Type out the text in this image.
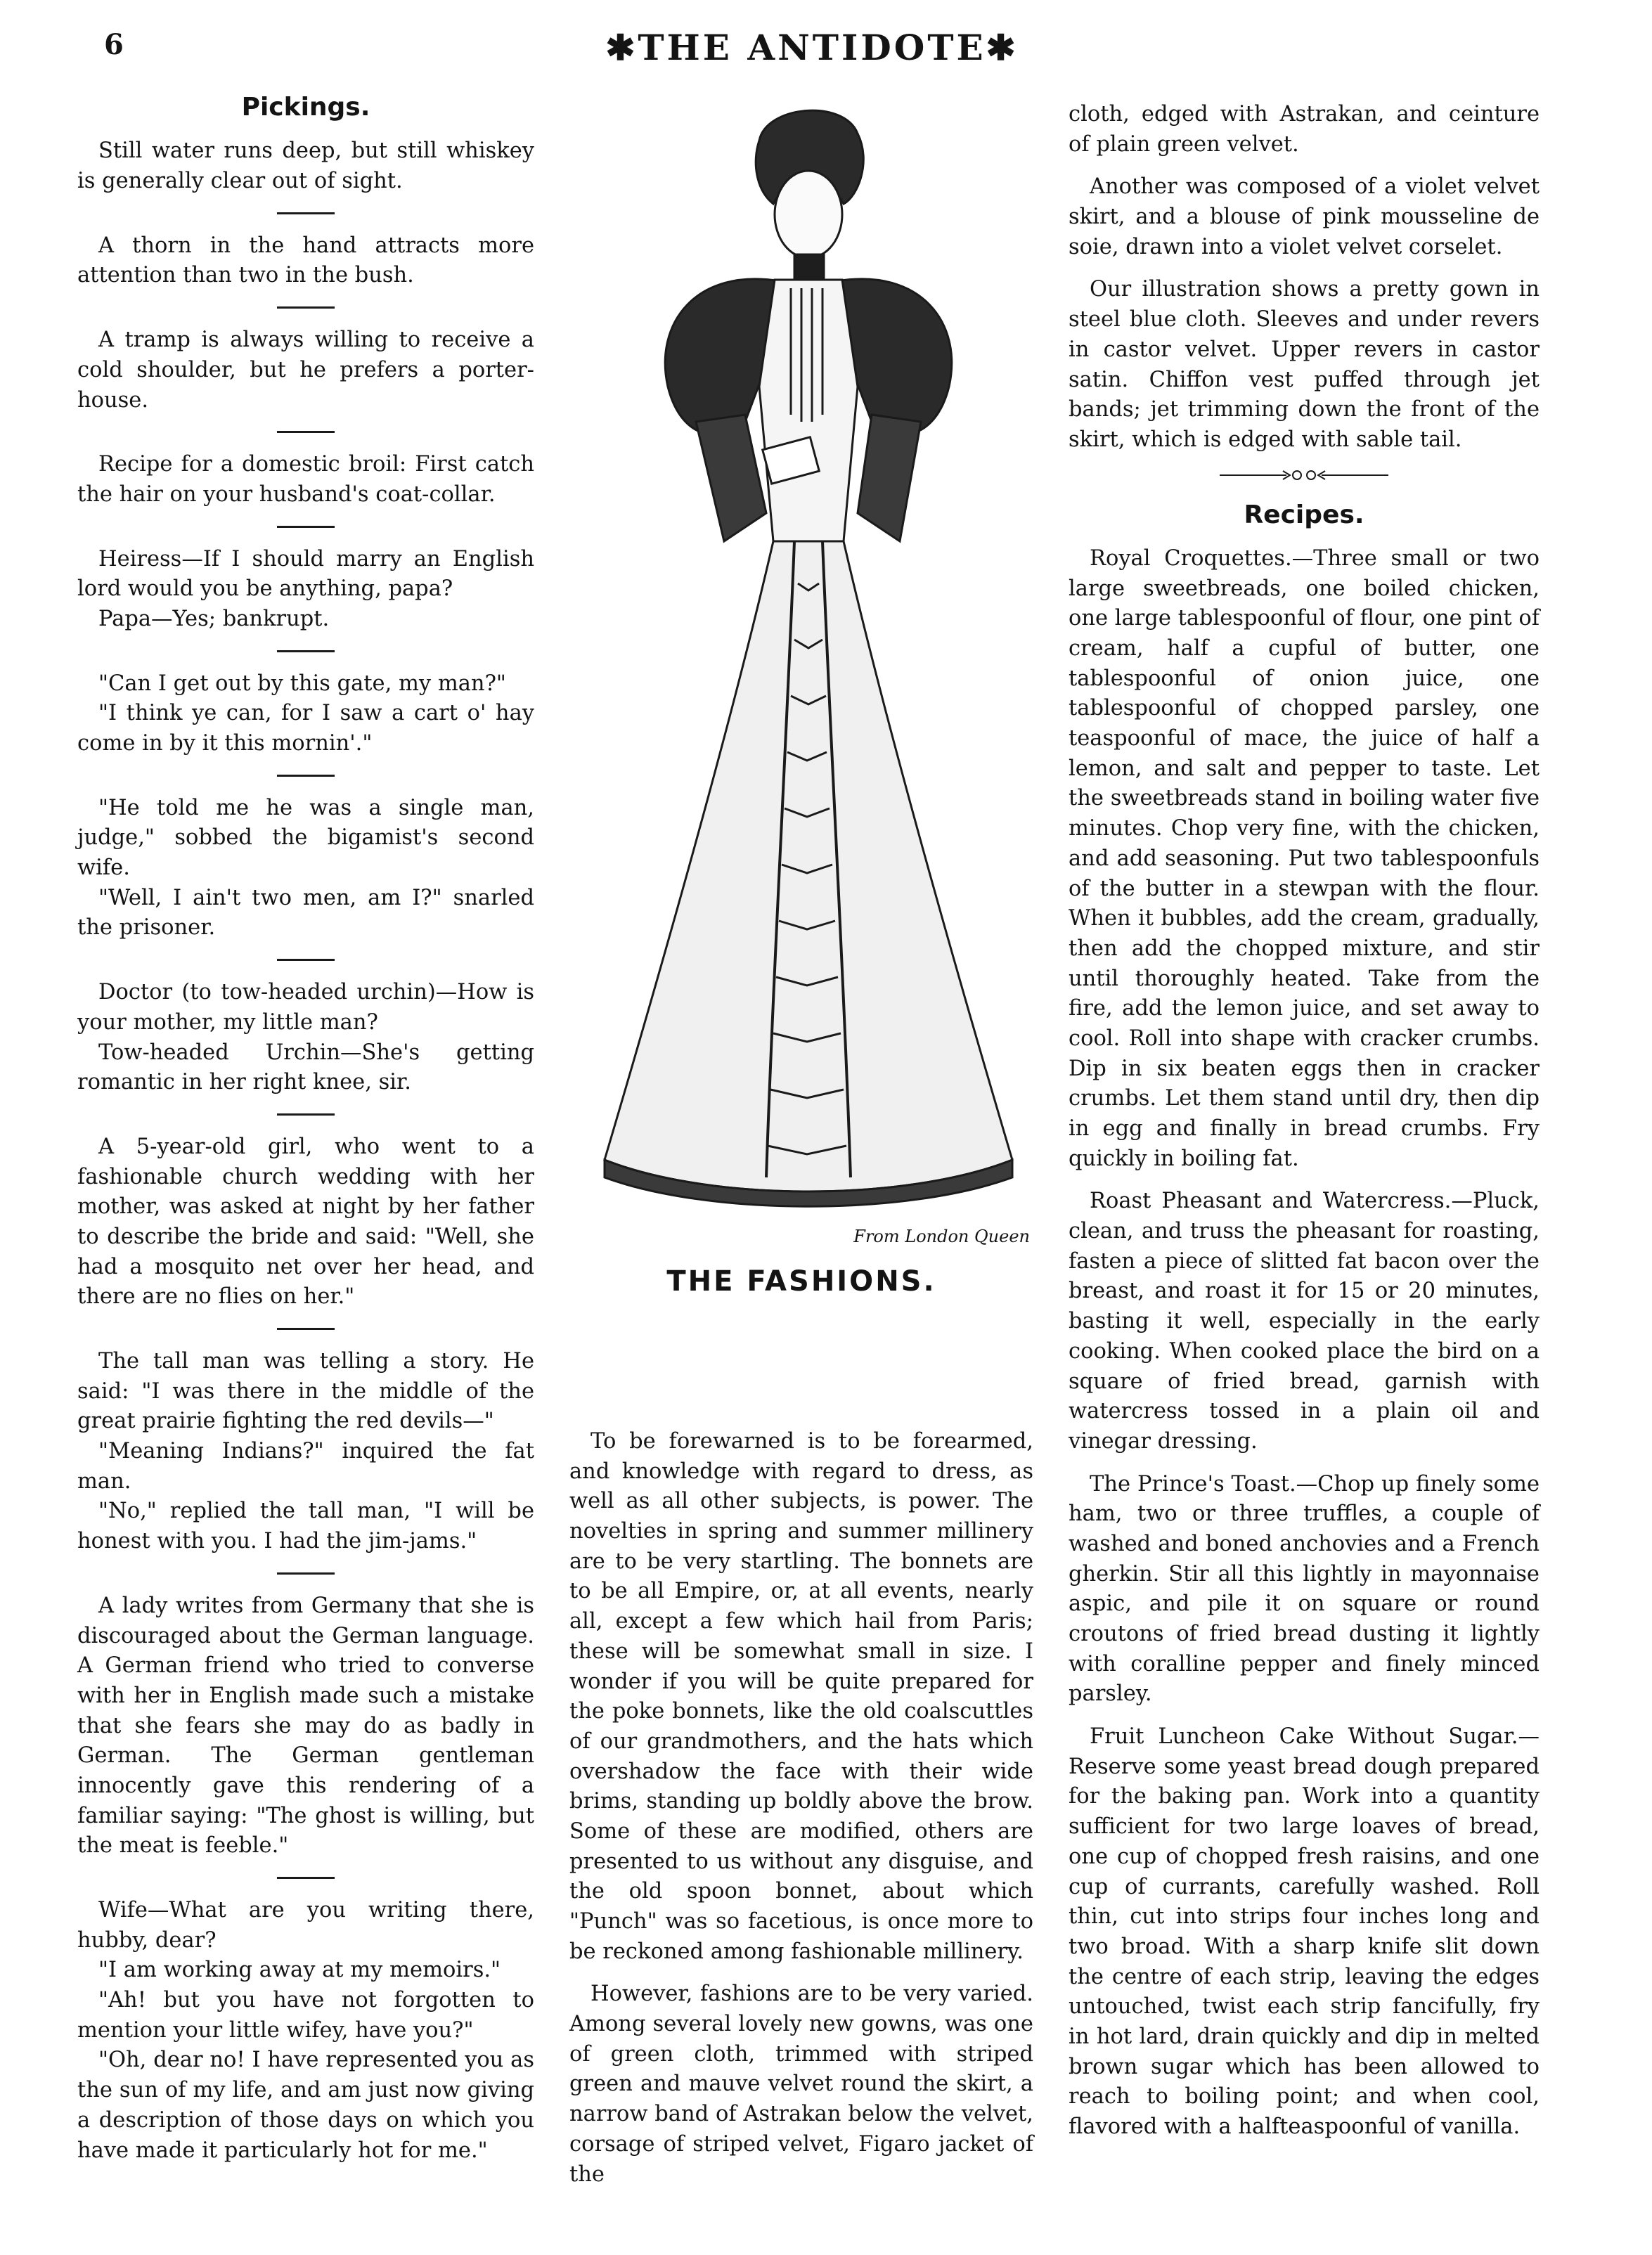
6	✱THE ANTIDOTE✱
Pickings.

Still water runs deep, but still whiskey is generally clear out of sight.

A thorn in the hand attracts more attention than two in the bush.

A tramp is always willing to receive a cold shoulder, but he prefers a porter-house.

Recipe for a domestic broil: First catch the hair on your husband's coat-collar.

Heiress—If I should marry an English lord would you be anything, papa?

Papa—Yes; bankrupt.

"Can I get out by this gate, my man?"

"I think ye can, for I saw a cart o' hay come in by it this mornin'."

"He told me he was a single man, judge," sobbed the bigamist's second wife.

"Well, I ain't two men, am I?" snarled the prisoner.

Doctor (to tow-headed urchin)—How is your mother, my little man?

Tow-headed Urchin—She's getting romantic in her right knee, sir.

A 5-year-old girl, who went to a fashionable church wedding with her mother, was asked at night by her father to describe the bride and said: "Well, she had a mosquito net over her head, and there are no flies on her."

The tall man was telling a story. He said: "I was there in the middle of the great prairie fighting the red devils—"

"Meaning Indians?" inquired the fat man.

"No," replied the tall man, "I will be honest with you. I had the jim-jams."

A lady writes from Germany that she is discouraged about the German language. A German friend who tried to converse with her in English made such a mistake that she fears she may do as badly in German. The German gentleman innocently gave this rendering of a familiar saying: "The ghost is willing, but the meat is feeble."

Wife—What are you writing there, hubby, dear?

"I am working away at my memoirs."

"Ah! but you have not forgotten to mention your little wifey, have you?"

"Oh, dear no! I have represented you as the sun of my life, and am just now giving a description of those days on which you have made it particularly hot for me."

From London Queen
THE FASHIONS.

To be forewarned is to be forearmed, and knowledge with regard to dress, as well as all other subjects, is power. The novelties in spring and summer millinery are to be very startling. The bonnets are to be all Empire, or, at all events, nearly all, except a few which hail from Paris; these will be somewhat small in size. I wonder if you will be quite prepared for the poke bonnets, like the old coalscuttles of our grandmothers, and the hats which overshadow the face with their wide brims, standing up boldly above the brow. Some of these are modified, others are presented to us without any disguise, and the old spoon bonnet, about which "Punch" was so facetious, is once more to be reckoned among fashionable millinery.

However, fashions are to be very varied. Among several lovely new gowns, was one of green cloth, trimmed with striped green and mauve velvet round the skirt, a narrow band of Astrakan below the velvet, corsage of striped velvet, Figaro jacket of the

cloth, edged with Astrakan, and ceinture of plain green velvet.

Another was composed of a violet velvet skirt, and a blouse of pink mousseline de soie, drawn into a violet velvet corselet.

Our illustration shows a pretty gown in steel blue cloth. Sleeves and under revers in castor velvet. Upper revers in castor satin. Chiffon vest puffed through jet bands; jet trimming down the front of the skirt, which is edged with sable tail.

Recipes.

Royal Croquettes.—Three small or two large sweetbreads, one boiled chicken, one large tablespoonful of flour, one pint of cream, half a cupful of butter, one tablespoonful of onion juice, one tablespoonful of chopped parsley, one teaspoonful of mace, the juice of half a lemon, and salt and pepper to taste. Let the sweetbreads stand in boiling water five minutes. Chop very fine, with the chicken, and add seasoning. Put two tablespoonfuls of the butter in a stewpan with the flour. When it bubbles, add the cream, gradually, then add the chopped mixture, and stir until thoroughly heated. Take from the fire, add the lemon juice, and set away to cool. Roll into shape with cracker crumbs. Dip in six beaten eggs then in cracker crumbs. Let them stand until dry, then dip in egg and finally in bread crumbs. Fry quickly in boiling fat.

Roast Pheasant and Watercress.—Pluck, clean, and truss the pheasant for roasting, fasten a piece of slitted fat bacon over the breast, and roast it for 15 or 20 minutes, basting it well, especially in the early cooking. When cooked place the bird on a square of fried bread, garnish with watercress tossed in a plain oil and vinegar dressing.

The Prince's Toast.—Chop up finely some ham, two or three truffles, a couple of washed and boned anchovies and a French gherkin. Stir all this lightly in mayonnaise aspic, and pile it on square or round croutons of fried bread dusting it lightly with coralline pepper and finely minced parsley.

Fruit Luncheon Cake Without Sugar.—Reserve some yeast bread dough prepared for the baking pan. Work into a quantity sufficient for two large loaves of bread, one cup of chopped fresh raisins, and one cup of currants, carefully washed. Roll thin, cut into strips four inches long and two broad. With a sharp knife slit down the centre of each strip, leaving the edges untouched, twist each strip fancifully, fry in hot lard, drain quickly and dip in melted brown sugar which has been allowed to reach to boiling point; and when cool, flavored with a halfteaspoonful of vanilla.
